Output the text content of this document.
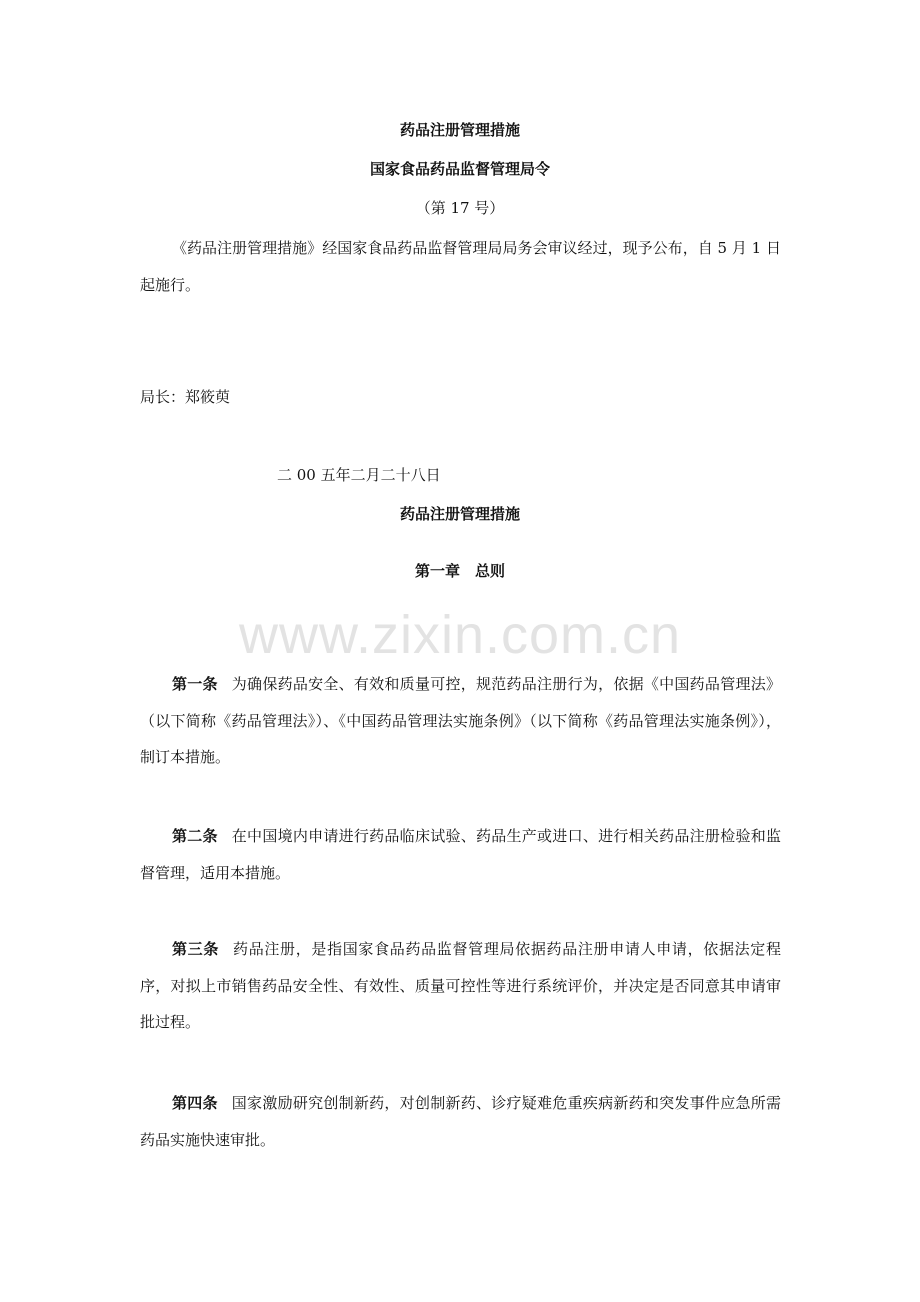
药品注册管理措施
国家食品药品监督管理局令
（第 17 号）
《药品注册管理措施》经国家食品药品监督管理局局务会审议经过，现予公布，自 5 月 1 日起施行。
局长：郑筱萸
二 00 五年二月二十八日
药品注册管理措施
第一章　总则
www.zixin.com.cn
第一条 为确保药品安全、有效和质量可控，规范药品注册行为，依据《中国药品管理法》（以下简称《药品管理法》）、《中国药品管理法实施条例》（以下简称《药品管理法实施条例》），制订本措施。
第二条 在中国境内申请进行药品临床试验、药品生产或进口、进行相关药品注册检验和监督管理，适用本措施。
第三条 药品注册，是指国家食品药品监督管理局依据药品注册申请人申请，依据法定程序，对拟上市销售药品安全性、有效性、质量可控性等进行系统评价，并决定是否同意其申请审批过程。
第四条 国家激励研究创制新药，对创制新药、诊疗疑难危重疾病新药和突发事件应急所需药品实施快速审批。
